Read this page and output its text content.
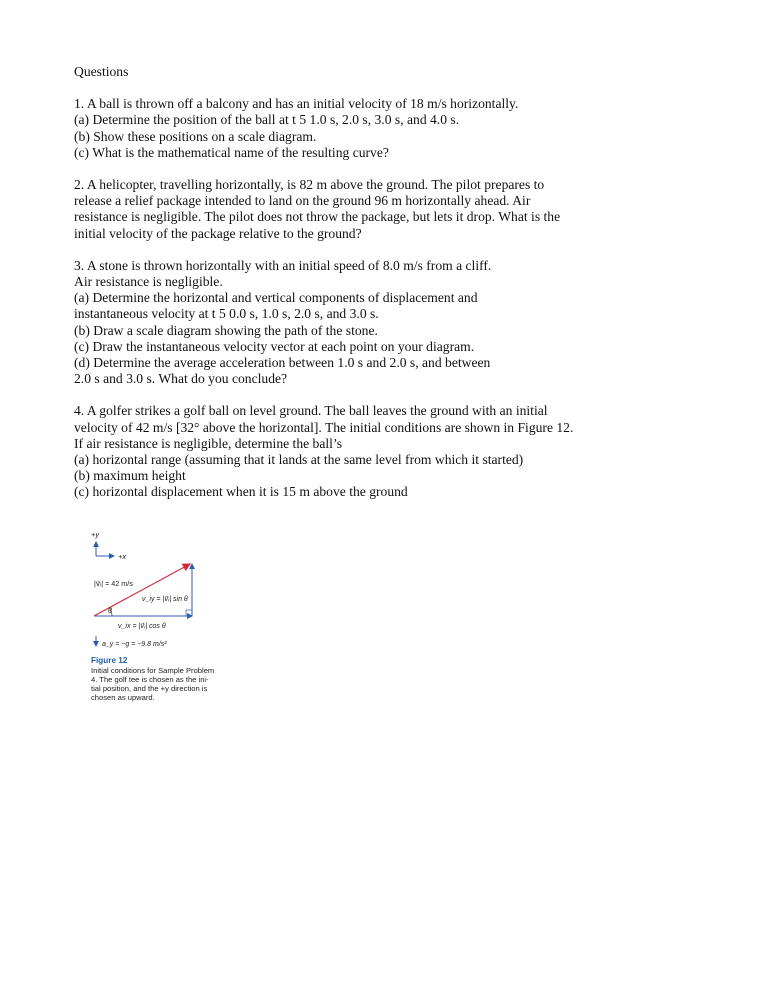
Questions
1. A ball is thrown off a balcony and has an initial velocity of 18 m/s horizontally.
(a) Determine the position of the ball at t 5 1.0 s, 2.0 s, 3.0 s, and 4.0 s.
(b) Show these positions on a scale diagram.
(c) What is the mathematical name of the resulting curve?
2. A helicopter, travelling horizontally, is 82 m above the ground. The pilot prepares to
release a relief package intended to land on the ground 96 m horizontally ahead. Air
resistance is negligible. The pilot does not throw the package, but lets it drop. What is the
initial velocity of the package relative to the ground?
3. A stone is thrown horizontally with an initial speed of 8.0 m/s from a cliff.
Air resistance is negligible.
(a) Determine the horizontal and vertical components of displacement and
instantaneous velocity at t 5 0.0 s, 1.0 s, 2.0 s, and 3.0 s.
(b) Draw a scale diagram showing the path of the stone.
(c) Draw the instantaneous velocity vector at each point on your diagram.
(d) Determine the average acceleration between 1.0 s and 2.0 s, and between
2.0 s and 3.0 s. What do you conclude?
4. A golfer strikes a golf ball on level ground. The ball leaves the ground with an initial
velocity of 42 m/s [32° above the horizontal]. The initial conditions are shown in Figure 12.
If air resistance is negligible, determine the ball’s
(a) horizontal range (assuming that it lands at the same level from which it started)
(b) maximum height
(c) horizontal displacement when it is 15 m above the ground
+y
+x
|v⃗ᵢ| = 42 m/s
θ
v_iy = |v⃗ᵢ| sin θ
v_ix = |v⃗ᵢ| cos θ
a_y = −g = −9.8 m/s²
Figure 12
Initial conditions for Sample Problem
4. The golf tee is chosen as the ini-
tial position, and the +y direction is
chosen as upward.
